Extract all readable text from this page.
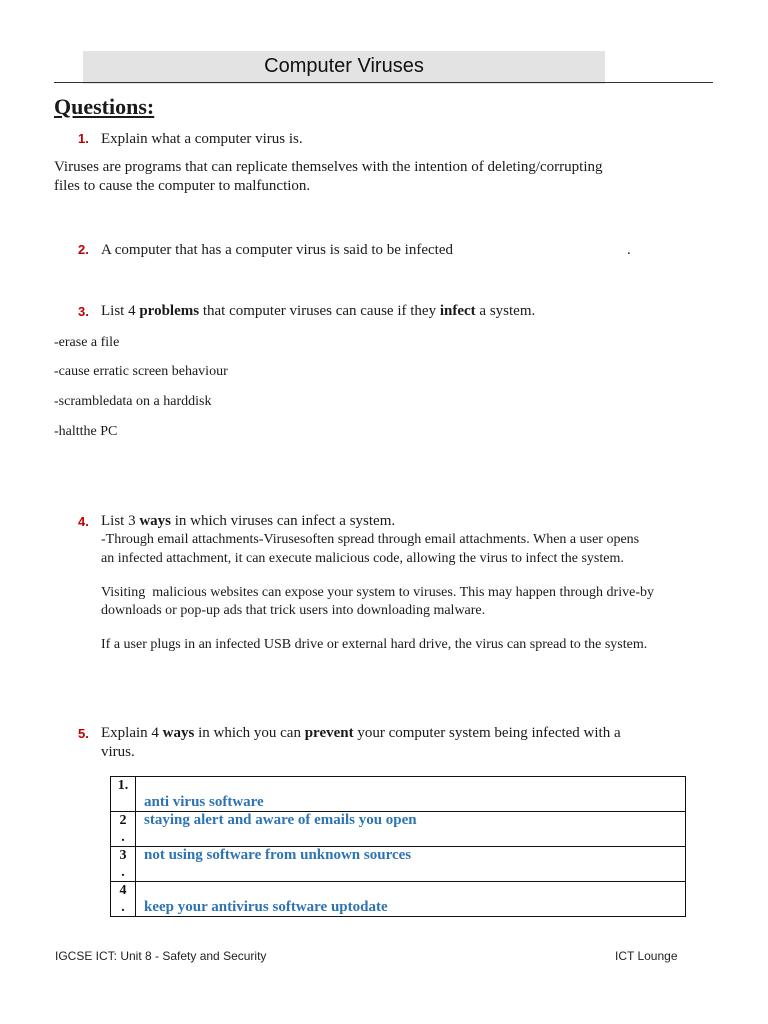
Computer Viruses
Questions:
1. Explain what a computer virus is.
Viruses are programs that can replicate themselves with the intention of deleting/corrupting
files to cause the computer to malfunction.
2. A computer that has a computer virus is said to be infected	.
3. List 4 problems that computer viruses can cause if they infect a system.
-erase a file
-cause erratic screen behaviour
-scrambledata on a harddisk
-haltthe PC
4. List 3 ways in which viruses can infect a system.
-Through email attachments-Virusesoften spread through email attachments. When a user opens
an infected attachment, it can execute malicious code, allowing the virus to infect the system.
Visiting  malicious websites can expose your system to viruses. This may happen through drive-by
downloads or pop-up ads that trick users into downloading malware.
If a user plugs in an infected USB drive or external hard drive, the virus can spread to the system.
5. Explain 4 ways in which you can prevent your computer system being infected with a
virus.
1.	anti virus software

2
.	staying alert and aware of emails you open

3
.	not using software from unknown sources

4
.	keep your antivirus software uptodate
IGCSE ICT: Unit 8 - Safety and Security	ICT Lounge
